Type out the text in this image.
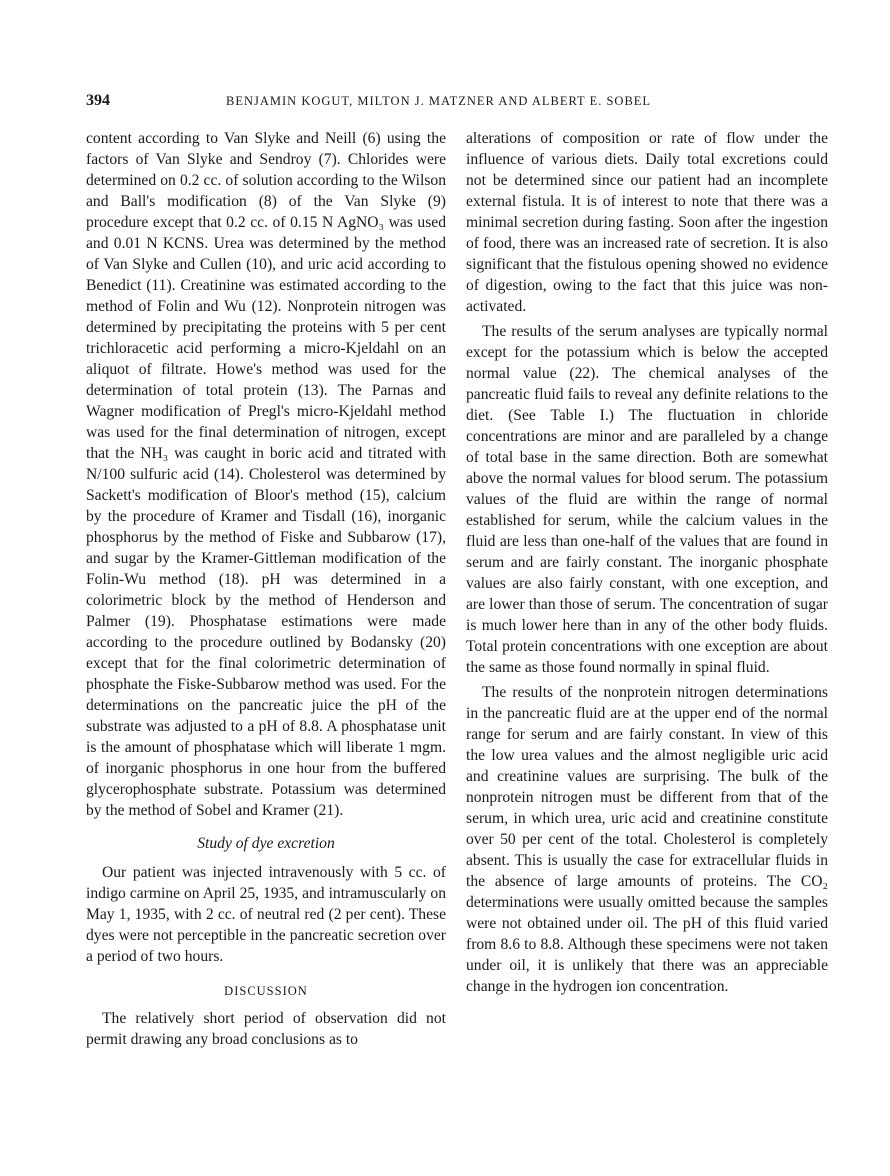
394	BENJAMIN KOGUT, MILTON J. MATZNER AND ALBERT E. SOBEL

content according to Van Slyke and Neill (6) using the factors of Van Slyke and Sendroy (7). Chlorides were determined on 0.2 cc. of solution according to the Wilson and Ball's modification (8) of the Van Slyke (9) procedure except that 0.2 cc. of 0.15 N AgNO₃ was used and 0.01 N KCNS. Urea was determined by the method of Van Slyke and Cullen (10), and uric acid according to Benedict (11). Creatinine was estimated according to the method of Folin and Wu (12). Nonprotein nitrogen was determined by precipitating the proteins with 5 per cent trichloracetic acid performing a micro-Kjeldahl on an aliquot of filtrate. Howe's method was used for the determination of total protein (13). The Parnas and Wagner modification of Pregl's micro-Kjeldahl method was used for the final determination of nitrogen, except that the NH₃ was caught in boric acid and titrated with N/100 sulfuric acid (14). Cholesterol was determined by Sackett's modification of Bloor's method (15), calcium by the procedure of Kramer and Tisdall (16), inorganic phosphorus by the method of Fiske and Subbarow (17), and sugar by the Kramer-Gittleman modification of the Folin-Wu method (18). pH was determined in a colorimetric block by the method of Henderson and Palmer (19). Phosphatase estimations were made according to the procedure outlined by Bodansky (20) except that for the final colorimetric determination of phosphate the Fiske-Subbarow method was used. For the determinations on the pancreatic juice the pH of the substrate was adjusted to a pH of 8.8. A phosphatase unit is the amount of phosphatase which will liberate 1 mgm. of inorganic phosphorus in one hour from the buffered glycerophosphate substrate. Potassium was determined by the method of Sobel and Kramer (21).

Study of dye excretion

Our patient was injected intravenously with 5 cc. of indigo carmine on April 25, 1935, and intramuscularly on May 1, 1935, with 2 cc. of neutral red (2 per cent). These dyes were not perceptible in the pancreatic secretion over a period of two hours.

DISCUSSION

The relatively short period of observation did not permit drawing any broad conclusions as to

alterations of composition or rate of flow under the influence of various diets. Daily total excretions could not be determined since our patient had an incomplete external fistula. It is of interest to note that there was a minimal secretion during fasting. Soon after the ingestion of food, there was an increased rate of secretion. It is also significant that the fistulous opening showed no evidence of digestion, owing to the fact that this juice was non-activated.

The results of the serum analyses are typically normal except for the potassium which is below the accepted normal value (22). The chemical analyses of the pancreatic fluid fails to reveal any definite relations to the diet. (See Table I.) The fluctuation in chloride concentrations are minor and are paralleled by a change of total base in the same direction. Both are somewhat above the normal values for blood serum. The potassium values of the fluid are within the range of normal established for serum, while the calcium values in the fluid are less than one-half of the values that are found in serum and are fairly constant. The inorganic phosphate values are also fairly constant, with one exception, and are lower than those of serum. The concentration of sugar is much lower here than in any of the other body fluids. Total protein concentrations with one exception are about the same as those found normally in spinal fluid.

The results of the nonprotein nitrogen determinations in the pancreatic fluid are at the upper end of the normal range for serum and are fairly constant. In view of this the low urea values and the almost negligible uric acid and creatinine values are surprising. The bulk of the nonprotein nitrogen must be different from that of the serum, in which urea, uric acid and creatinine constitute over 50 per cent of the total. Cholesterol is completely absent. This is usually the case for extracellular fluids in the absence of large amounts of proteins. The CO₂ determinations were usually omitted because the samples were not obtained under oil. The pH of this fluid varied from 8.6 to 8.8. Although these specimens were not taken under oil, it is unlikely that there was an appreciable change in the hydrogen ion concentration.
